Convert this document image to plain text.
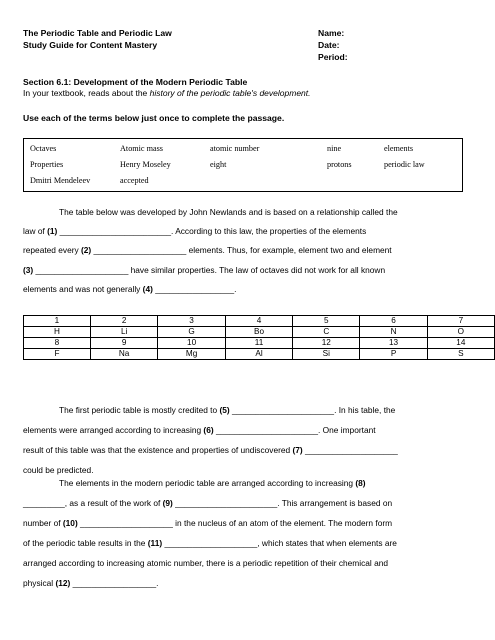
The Periodic Table and Periodic Law
Study Guide for Content Mastery
Name:
Date:
Period:
Section 6.1: Development of the Modern Periodic Table
In your textbook, reads about the history of the periodic table's development.
Use each of the terms below just once to complete the passage.
Octaves	Atomic mass	atomic number	nine	elements
Properties	Henry Moseley	eight	protons	periodic law
Dmitri Mendeleev	accepted
The table below was developed by John Newlands and is based on a relationship called the
law of (1) ________________________. According to this law, the properties of the elements
repeated every (2) ____________________ elements. Thus, for example, element two and element
(3) ____________________ have similar properties. The law of octaves did not work for all known
elements and was not generally (4) _________________.
1	2	3	4	5	6	7
H	Li	G	Bo	C	N	O
8	9	10	11	12	13	14
F	Na	Mg	Al	Si	P	S
The first periodic table is mostly credited to (5) ______________________. In his table, the
elements were arranged according to increasing (6) ______________________. One important
result of this table was that the existence and properties of undiscovered (7) ____________________
could be predicted.
The elements in the modern periodic table are arranged according to increasing (8)
_________, as a result of the work of (9) ______________________. This arrangement is based on
number of (10) ____________________ in the nucleus of an atom of the element. The modern form
of the periodic table results in the (11) ____________________, which states that when elements are
arranged according to increasing atomic number, there is a periodic repetition of their chemical and
physical (12) __________________.
